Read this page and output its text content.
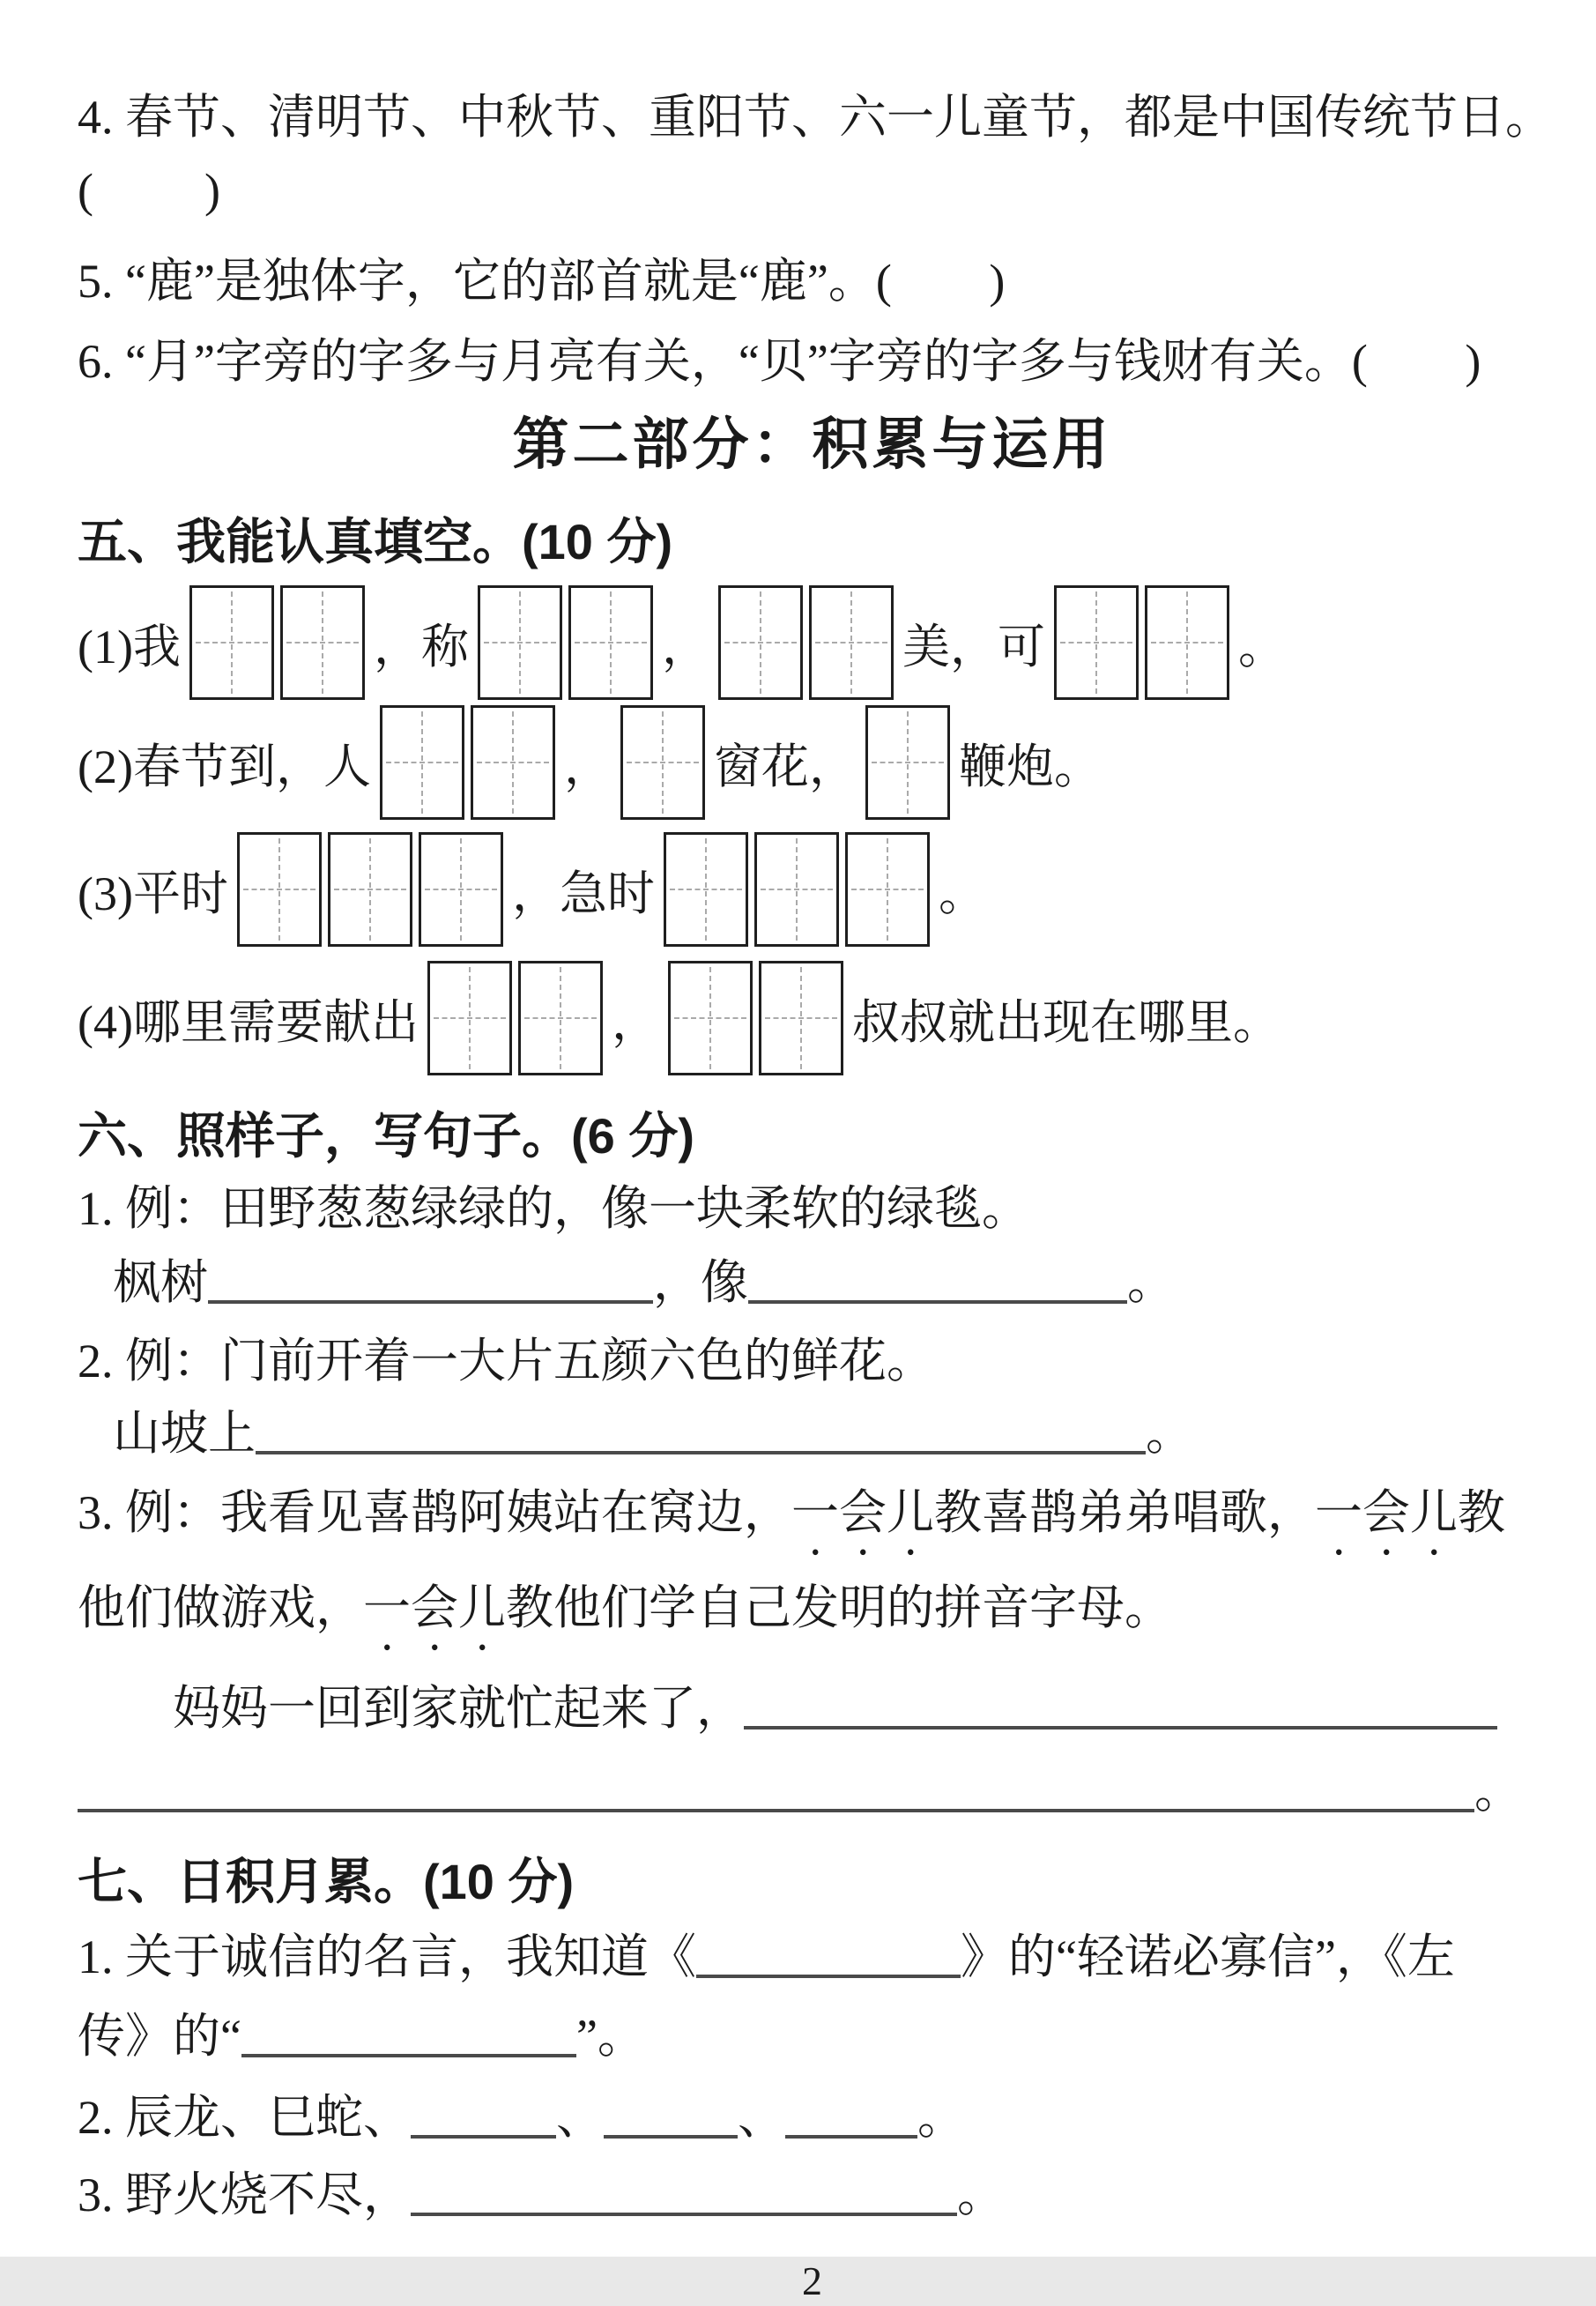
4. 春节、清明节、中秋节、重阳节、六一儿童节，都是中国传统节日。
(        )
5. “鹿”是独体字，它的部首就是“鹿”。(       )
6. “月”字旁的字多与月亮有关，“贝”字旁的字多与钱财有关。(       )
第二部分：积累与运用
五、我能认真填空。(10 分)
(1)我	，称	，	美，可	。
(2)春节到，人	， 窗花， 鞭炮。
(3)平时	，急时	。
(4)哪里需要献出	，	叔叔就出现在哪里。
六、照样子，写句子。(6 分)
1. 例：田野葱葱绿绿的，像一块柔软的绿毯。
枫树	，像	。
2. 例：门前开着一大片五颜六色的鲜花。
山坡上	。
3. 例：我看见喜鹊阿姨站在窝边，一会儿教喜鹊弟弟唱歌，一会儿教
他们做游戏，一会儿教他们学自己发明的拼音字母。
妈妈一回到家就忙起来了，
。
七、日积月累。(10 分)
1. 关于诚信的名言，我知道《	》的“轻诺必寡信”，《左
传》的“	”。
2. 辰龙、巳蛇、	、	、	。
3. 野火烧不尽，	。
2
